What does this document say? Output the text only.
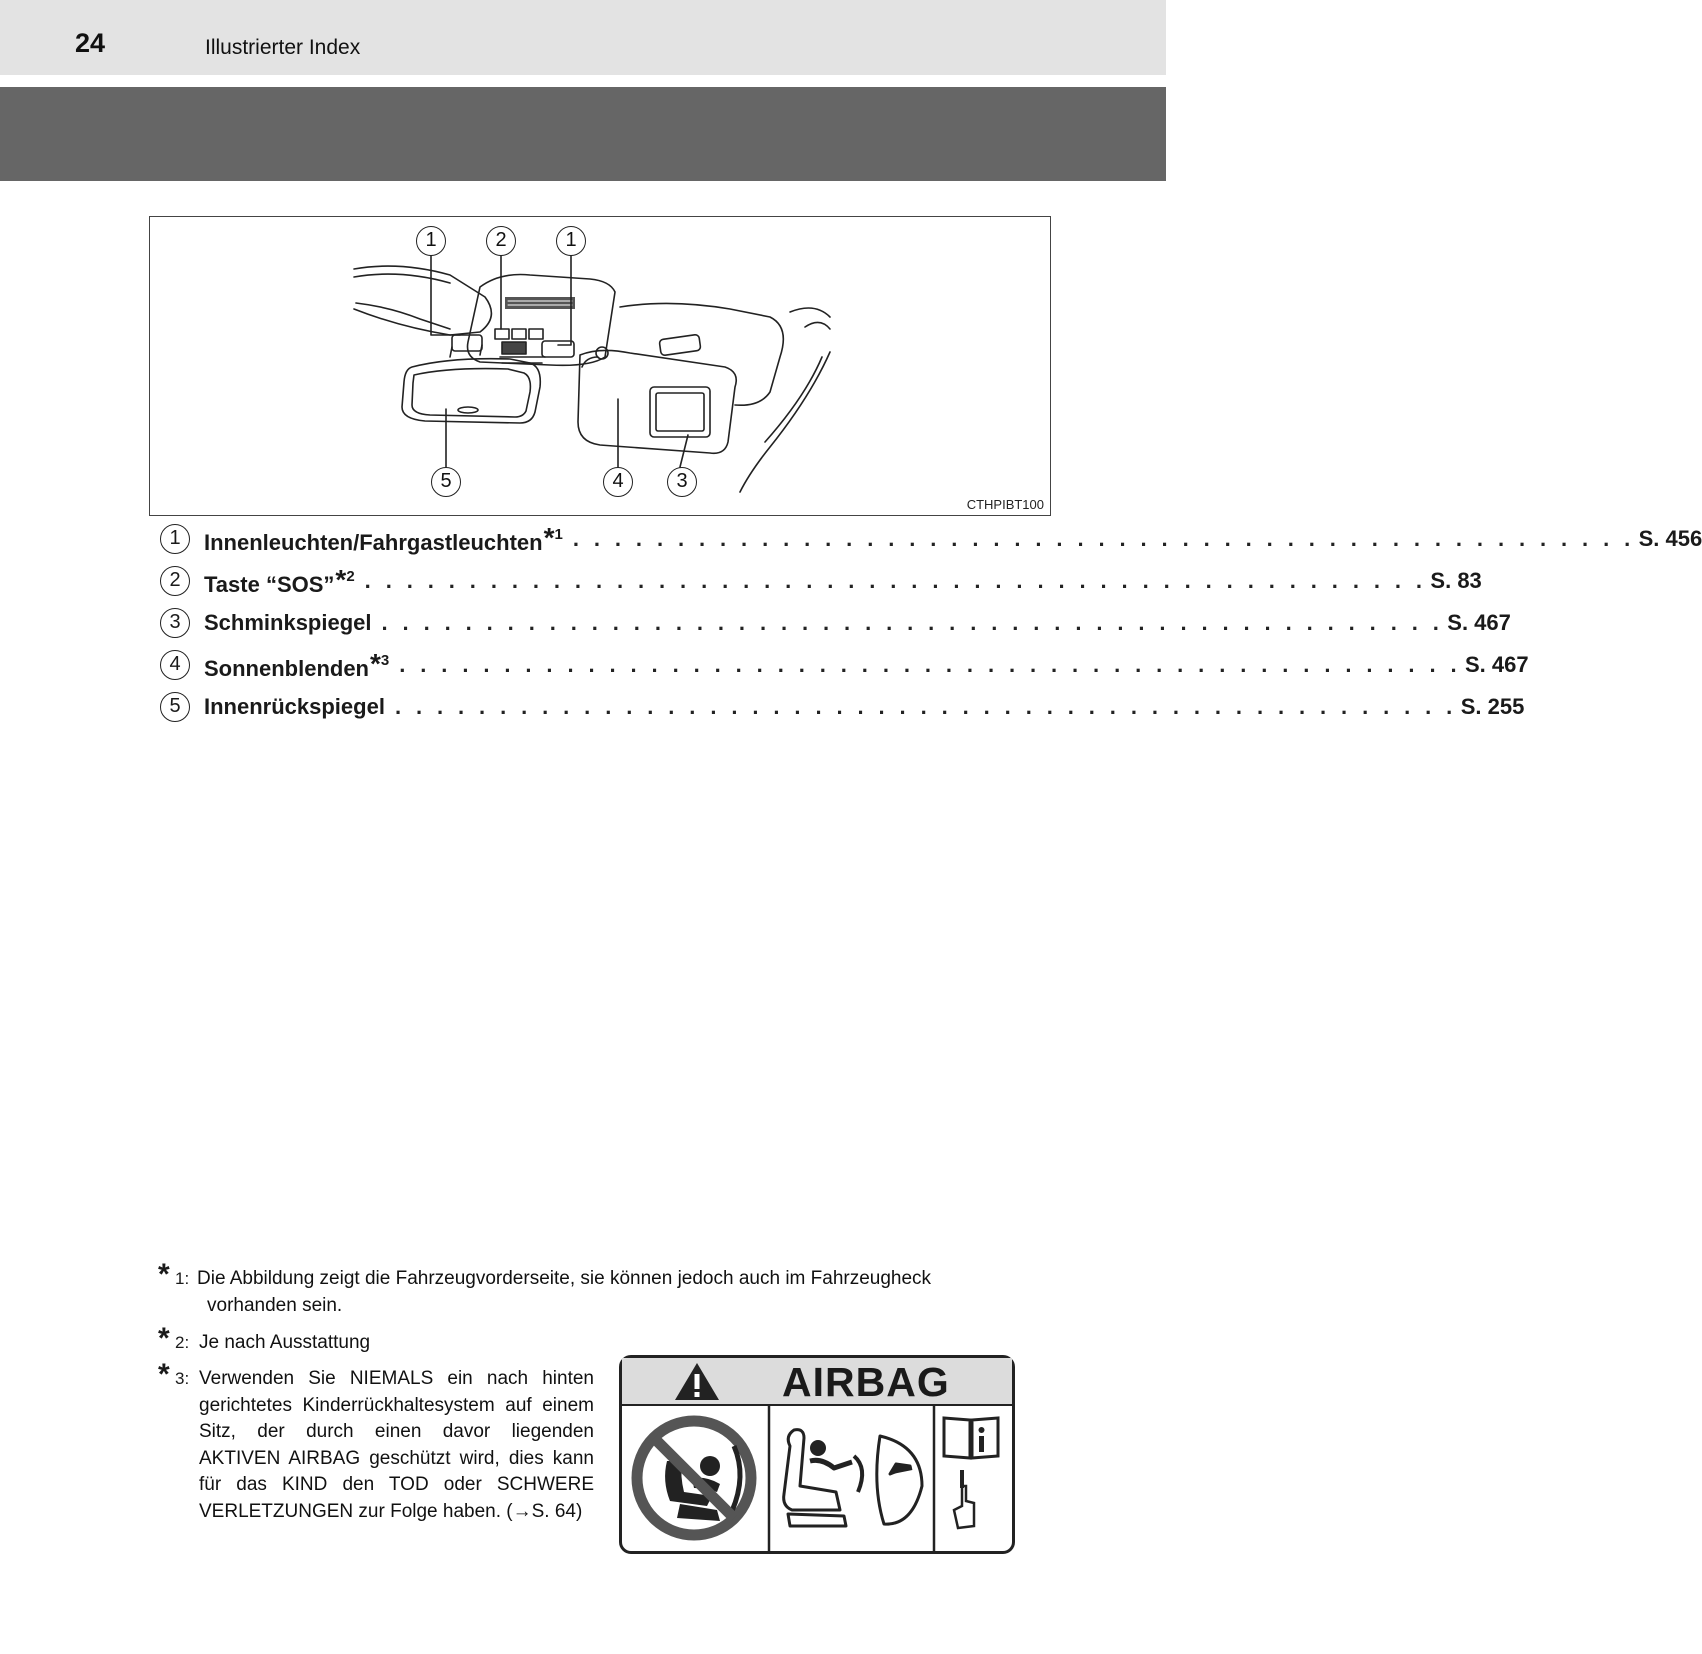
24	Illustrierter Index
1	2	1
5	4	3
CTHPIBT100
1	Innenleuchten/Fahrgastleuchten*$^1$ . . . . . . . . . . . . . . . . . . . . . . . . . . . . . . . . . . . . . . . . . . . . . . . . . . . S. 456
2	Taste “SOS”*$^2$ . . . . . . . . . . . . . . . . . . . . . . . . . . . . . . . . . . . . . . . . . . . . . . . . . . . S. 83
3	Schminkspiegel . . . . . . . . . . . . . . . . . . . . . . . . . . . . . . . . . . . . . . . . . . . . . . . . . . . S. 467
4	Sonnenblenden*$^3$ . . . . . . . . . . . . . . . . . . . . . . . . . . . . . . . . . . . . . . . . . . . . . . . . . . . S. 467
5	Innenrückspiegel . . . . . . . . . . . . . . . . . . . . . . . . . . . . . . . . . . . . . . . . . . . . . . . . . . . S. 255
* 1: Die Abbildung zeigt die Fahrzeugvorderseite, sie können jedoch auch im Fahrzeugheck
vorhanden sein.
* 2: Je nach Ausstattung
* 3: Verwenden Sie NIEMALS ein nach hinten gerichtetes Kinderrückhaltesystem auf einem Sitz, der durch einen davor liegenden AKTIVEN AIRBAG geschützt wird, dies kann für das KIND den TOD oder SCHWERE VERLETZUNGEN zur Folge haben. (→S. 64)
AIRBAG
